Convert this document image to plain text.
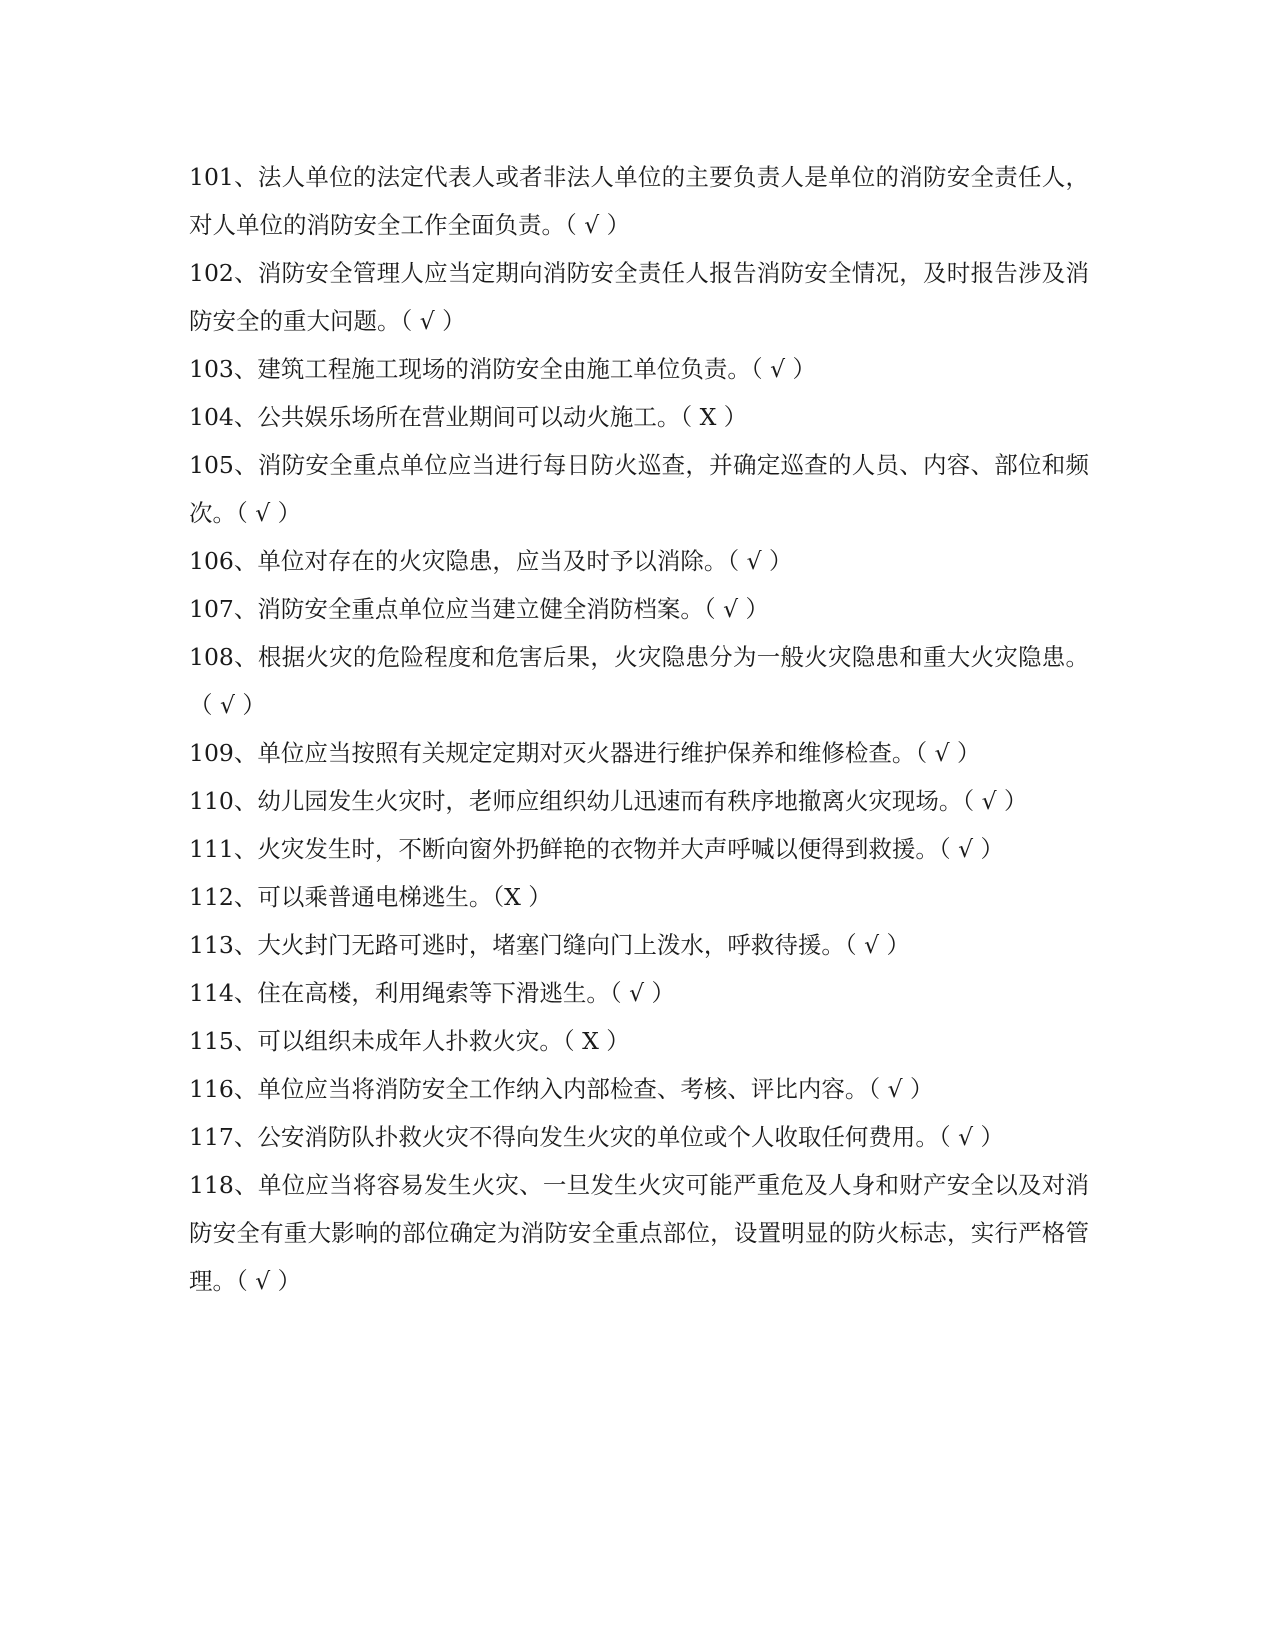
101、法人单位的法定代表人或者非法人单位的主要负责人是单位的消防安全责任人，对人单位的消防安全工作全面负责。（ √ ）

102、消防安全管理人应当定期向消防安全责任人报告消防安全情况，及时报告涉及消防安全的重大问题。（ √ ）

103、建筑工程施工现场的消防安全由施工单位负责。（ √ ）

104、公共娱乐场所在营业期间可以动火施工。（ X ）

105、消防安全重点单位应当进行每日防火巡查，并确定巡查的人员、内容、部位和频次。（ √ ）

106、单位对存在的火灾隐患，应当及时予以消除。（ √ ）

107、消防安全重点单位应当建立健全消防档案。（ √ ）

108、根据火灾的危险程度和危害后果，火灾隐患分为一般火灾隐患和重大火灾隐患。（ √ ）

109、单位应当按照有关规定定期对灭火器进行维护保养和维修检查。（ √ ）

110、幼儿园发生火灾时，老师应组织幼儿迅速而有秩序地撤离火灾现场。（ √ ）

111、火灾发生时，不断向窗外扔鲜艳的衣物并大声呼喊以便得到救援。（ √ ）

112、可以乘普通电梯逃生。（X ）

113、大火封门无路可逃时，堵塞门缝向门上泼水，呼救待援。（ √ ）

114、住在高楼，利用绳索等下滑逃生。（ √ ）

115、可以组织未成年人扑救火灾。（ X ）

116、单位应当将消防安全工作纳入内部检查、考核、评比内容。（ √ ）

117、公安消防队扑救火灾不得向发生火灾的单位或个人收取任何费用。（ √ ）

118、单位应当将容易发生火灾、一旦发生火灾可能严重危及人身和财产安全以及对消防安全有重大影响的部位确定为消防安全重点部位，设置明显的防火标志，实行严格管理。（ √ ）
